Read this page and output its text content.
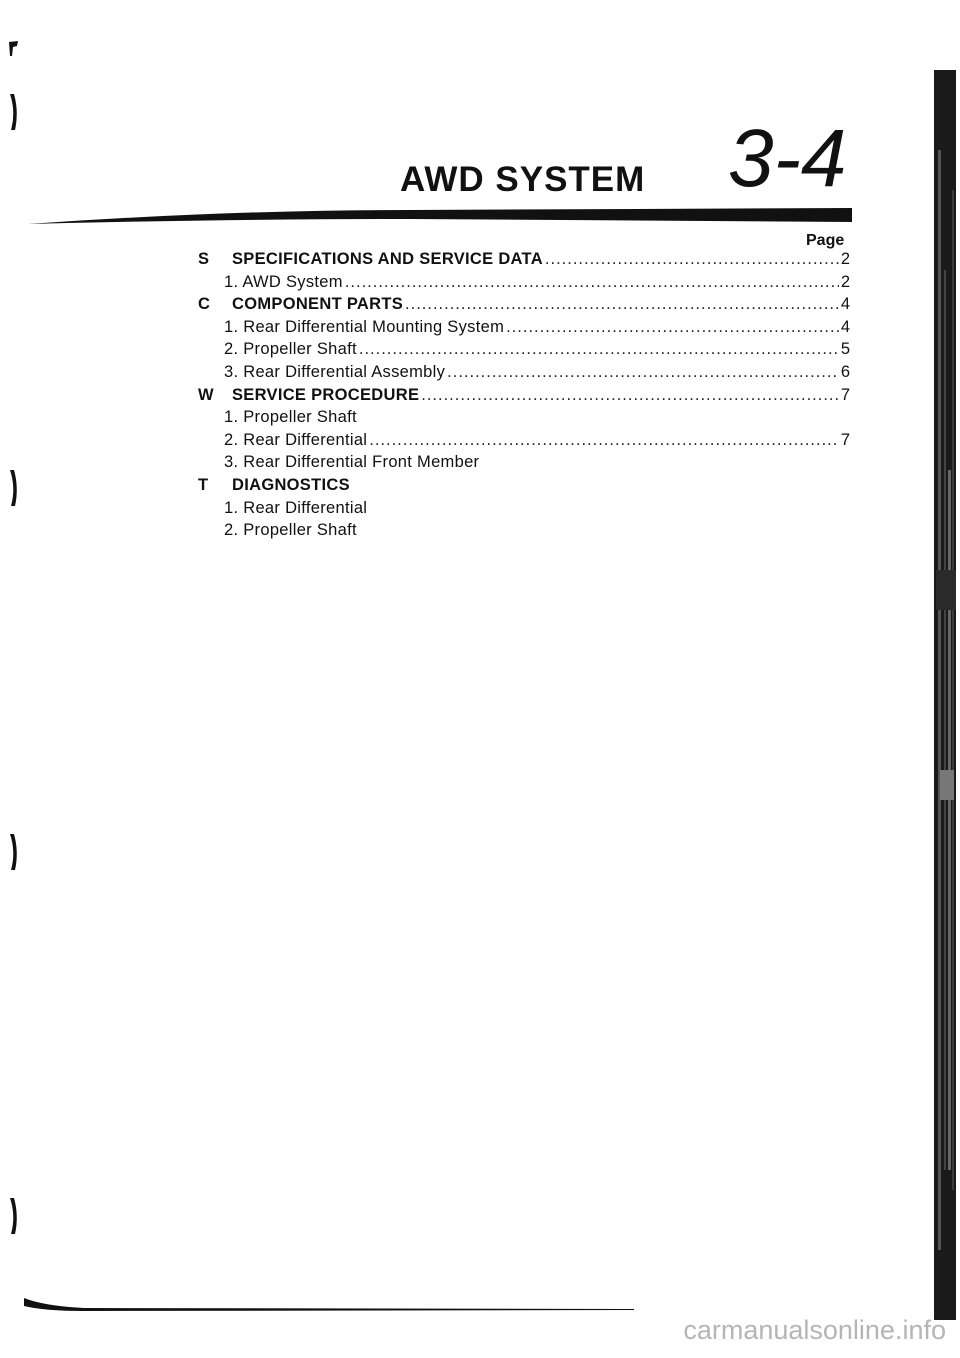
AWD SYSTEM 3-4
Page
S	SPECIFICATIONS AND SERVICE DATA .....	2
1. AWD System .....	2
C	COMPONENT PARTS .....	4
1. Rear Differential Mounting System .....	4
2. Propeller Shaft .....	5
3. Rear Differential Assembly .....	6
W	SERVICE PROCEDURE .....	7
1. Propeller Shaft
2. Rear Differential .....	7
3. Rear Differential Front Member
T	DIAGNOSTICS
1. Rear Differential
2. Propeller Shaft
carmanualsonline.info
